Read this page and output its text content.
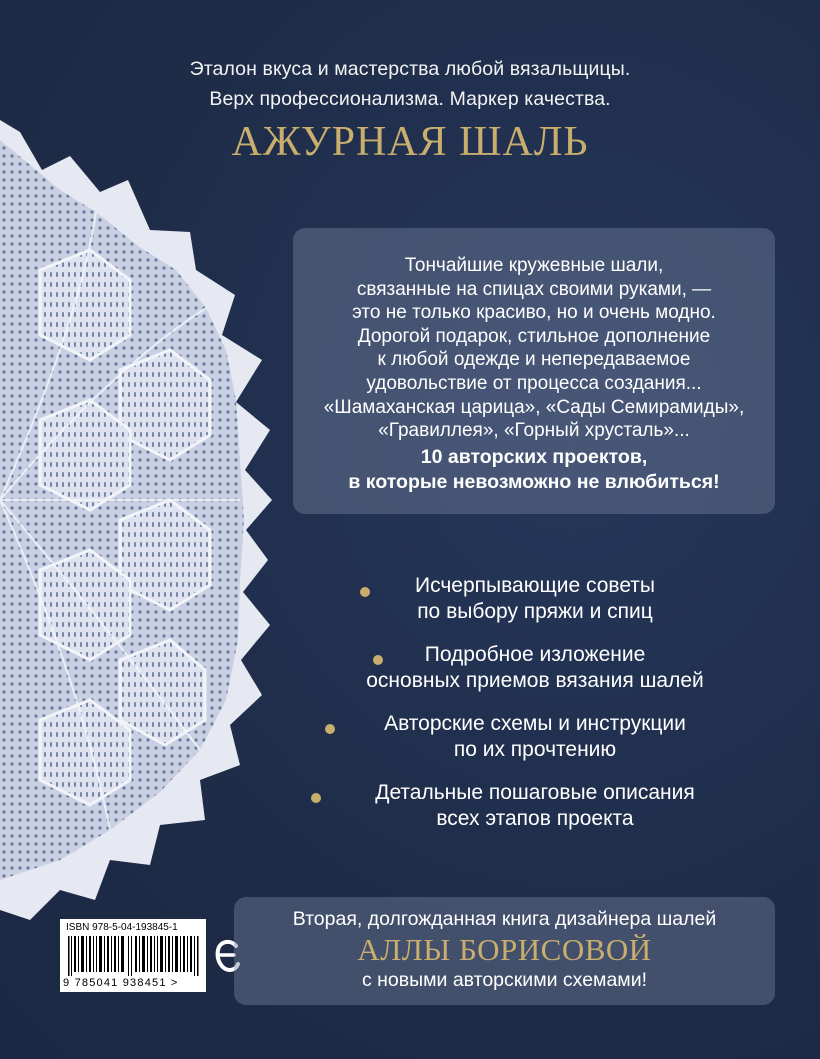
Эталон вкуса и мастерства любой вязальщицы.
Верх профессионализма. Маркер качества.
АЖУРНАЯ ШАЛЬ
Тончайшие кружевные шали,
связанные на спицах своими руками, —
это не только красиво, но и очень модно.
Дорогой подарок, стильное дополнение
к любой одежде и непередаваемое
удовольствие от процесса создания...
«Шамаханская царица», «Сады Семирамиды»,
«Гравиллея», «Горный хрусталь»...
10 авторских проектов,
в которые невозможно не влюбиться!
Исчерпывающие советы
по выбору пряжи и спиц
Подробное изложение
основных приемов вязания шалей
Авторские схемы и инструкции
по их прочтению
Детальные пошаговые описания
всех этапов проекта
ISBN 978-5-04-193845-1
9 785041 938451 >
Вторая, долгожданная книга дизайнера шалей
АЛЛЫ БОРИСОВОЙ
с новыми авторскими схемами!
